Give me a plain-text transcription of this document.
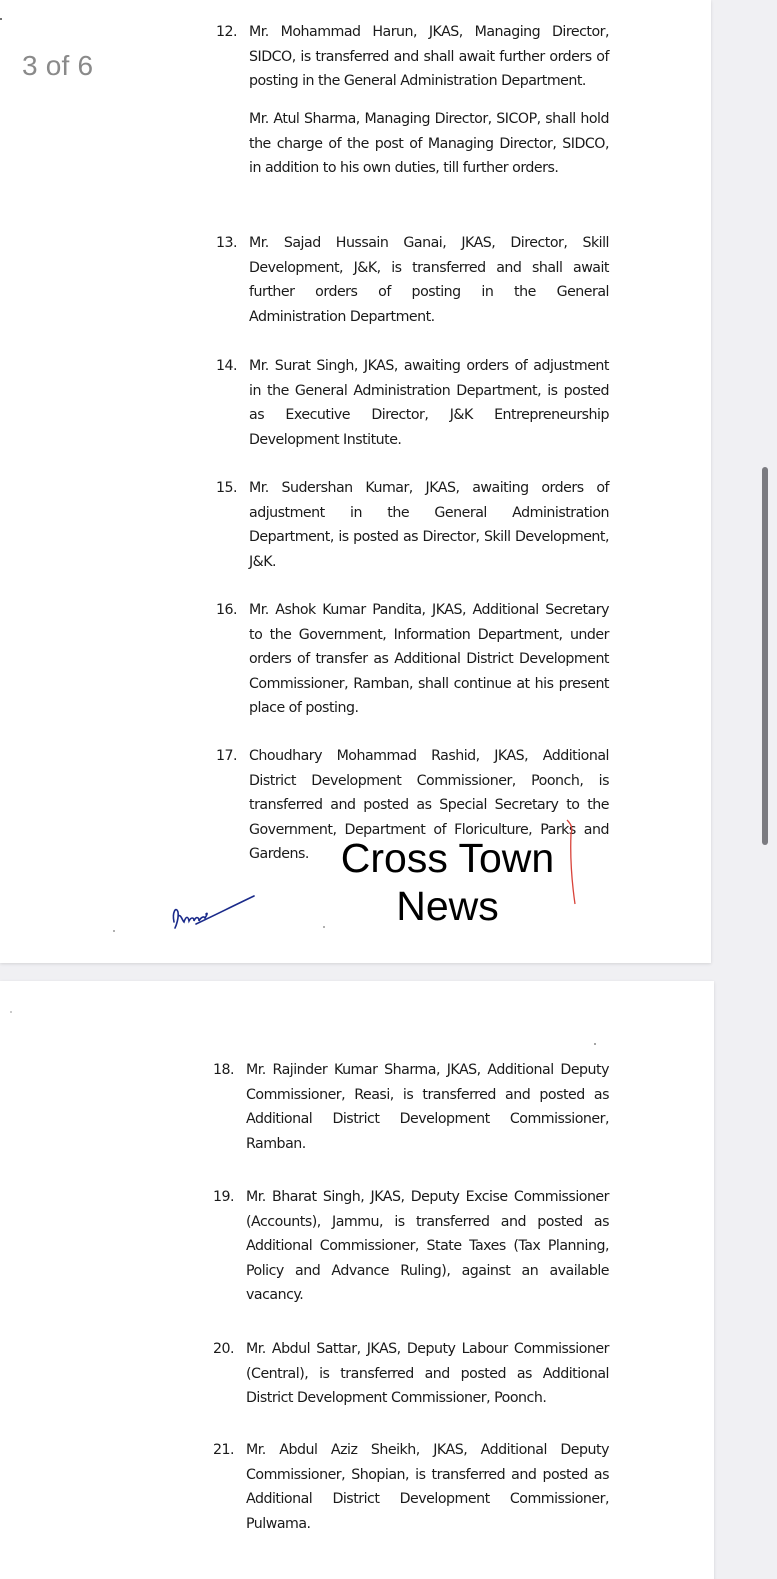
12. Mr. Mohammad Harun, JKAS, Managing Director, SIDCO, is transferred and shall await further orders of posting in the General Administration Department.
Mr. Atul Sharma, Managing Director, SICOP, shall hold the charge of the post of Managing Director, SIDCO, in addition to his own duties, till further orders.
13. Mr. Sajad Hussain Ganai, JKAS, Director, Skill Development, J&K, is transferred and shall await further orders of posting in the General Administration Department.
14. Mr. Surat Singh, JKAS, awaiting orders of adjustment in the General Administration Department, is posted as Executive Director, J&K Entrepreneurship Development Institute.
15. Mr. Sudershan Kumar, JKAS, awaiting orders of adjustment in the General Administration Department, is posted as Director, Skill Development, J&K.
16. Mr. Ashok Kumar Pandita, JKAS, Additional Secretary to the Government, Information Department, under orders of transfer as Additional District Development Commissioner, Ramban, shall continue at his present place of posting.
17. Choudhary Mohammad Rashid, JKAS, Additional District Development Commissioner, Poonch, is transferred and posted as Special Secretary to the Government, Department of Floriculture, Parks and Gardens. Cross Town
News
18. Mr. Rajinder Kumar Sharma, JKAS, Additional Deputy Commissioner, Reasi, is transferred and posted as Additional District Development Commissioner, Ramban.
19. Mr. Bharat Singh, JKAS, Deputy Excise Commissioner (Accounts), Jammu, is transferred and posted as Additional Commissioner, State Taxes (Tax Planning, Policy and Advance Ruling), against an available vacancy.
20. Mr. Abdul Sattar, JKAS, Deputy Labour Commissioner (Central), is transferred and posted as Additional District Development Commissioner, Poonch.
21. Mr. Abdul Aziz Sheikh, JKAS, Additional Deputy Commissioner, Shopian, is transferred and posted as Additional District Development Commissioner, Pulwama.
3 of 6
